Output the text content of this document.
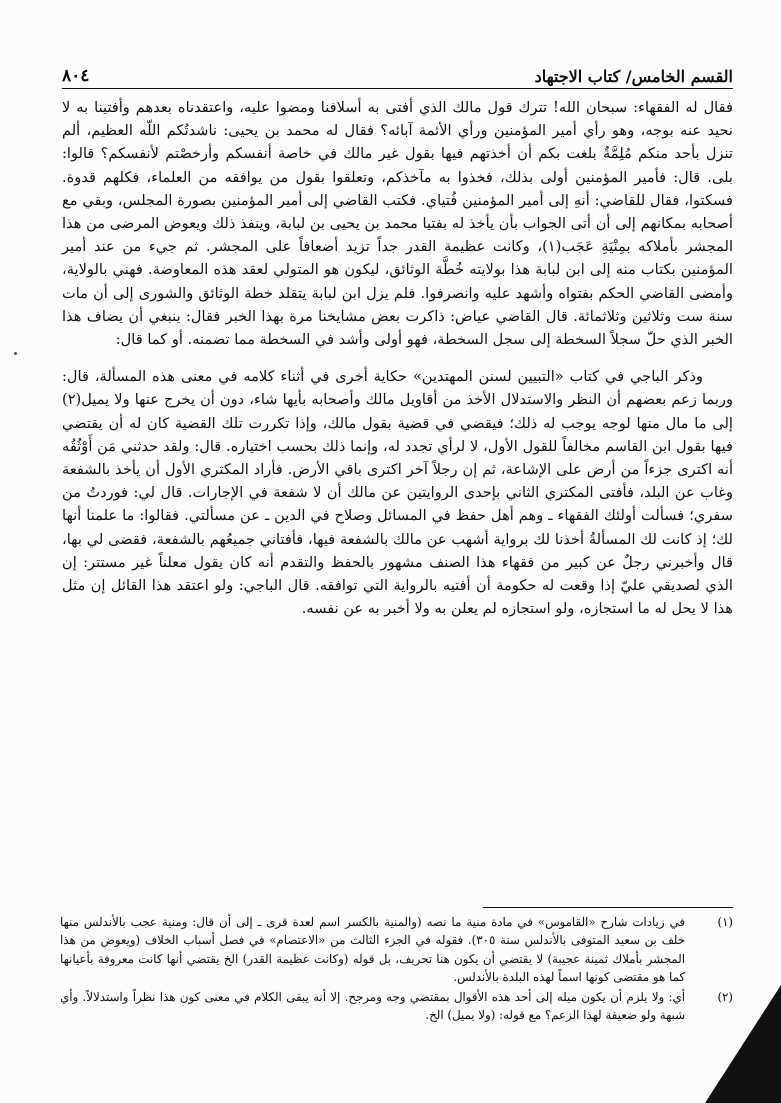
القسم الخامس/ كتاب الاجتهاد
٨٠٤

فقال له الفقهاء: سبحان الله! تترك قول مالك الذي أفتى به أسلافنا ومضوا عليه، واعتقدناه بعدهم وأفتينا به لا نحيد عنه بوجه، وهو رأي أمير المؤمنين ورأي الأئمة آبائه؟ فقال له محمد بن يحيى: ناشدتُكم اللّه العظيم، ألم تنزل بأحد منكم مُلِمَّةٌ بلغت بكم أن أخذتهم فيها بقول غير مالك في خاصة أنفسكم وأرخصْتم لأنفسكم؟ قالوا: بلى. قال: فأمير المؤمنين أولى بذلك، فخذوا به مآخذكم، وتعلقوا بقول من يوافقه من العلماء، فكلهم قدوة. فسكتوا، فقال للقاضي: أنهِ إلى أمير المؤمنين فُتياي. فكتب القاضي إلى أمير المؤمنين بصورة المجلس، وبقي مع أصحابه بمكانهم إلى أن أتى الجواب بأن يأخذ له بفتيا محمد بن يحيى بن لبابة، وينفذ ذلك ويعوض المرضى من هذا المجشر بأملاكه بمِنْيَةِ عَجَب(١)، وكانت عظيمة القدر جداً تزيد أضعافاً على المجشر. ثم جيء من عند أمير المؤمنين بكتاب منه إلى ابن لبابة هذا بولايته خُطَّة الوثائق، ليكون هو المتولي لعقد هذه المعاوضة. فهني بالولاية، وأمضى القاضي الحكم بفتواه وأشهد عليه وانصرفوا. فلم يزل ابن لبابة يتقلد خطة الوثائق والشورى إلى أن مات سنة ست وثلاثين وثلاثمائة. قال القاضي عياض: ذاكرت بعض مشايخنا مرة بهذا الخبر فقال: ينبغي أن يضاف هذا الخبر الذي حلّ سجلاً السخطة إلى سجل السخطة، فهو أولى وأشد في السخطة مما تضمنه. أو كما قال:

وذكر الباجي في كتاب «التبيين لسنن المهتدين» حكاية أخرى في أثناء كلامه في معنى هذه المسألة، قال: وربما زعم بعضهم أن النظر والاستدلال الأخذ من أقاويل مالك وأصحابه بأيها شاء، دون أن يخرج عنها ولا يميل(٢) إلى ما مال منها لوجه يوجب له ذلك؛ فيقضي في قضية بقول مالك، وإذا تكررت تلك القضية كان له أن يقتضي فيها بقول ابن القاسم مخالفاً للقول الأول، لا لرأي تجدد له، وإنما ذلك بحسب اختياره. قال: ولقد حدثني مَن أَوْثُقُه أنه اكترى جزءاً من أرض على الإشاعة، ثم إن رجلاً آخر اكترى باقي الأرض. فأراد المكتري الأول أن يأخذ بالشفعة وغاب عن البلد، فأفتى المكتري الثاني بإحدى الروايتين عن مالك أن لا شفعة في الإجارات. قال لي: فوردتُ من سفري؛ فسألت أولئك الفقهاء ـ وهم أهل حفظ في المسائل وصلاح في الدين ـ عن مسألتي. فقالوا: ما علمنا أنها لك؛ إذ كانت لك المسألةُ أخذنا لك برواية أشهب عن مالك بالشفعة فيها، فأفتاني جميعُهم بالشفعة، فقضى لي بها، قال وأخبرني رجلٌ عن كبير من فقهاء هذا الصنف مشهور بالحفظ والتقدم أنه كان يقول معلناً غير مستتر: إن الذي لصديقي عليّ إذا وقعت له حكومة أن أفتيه بالرواية التي توافقه. قال الباجي: ولو اعتقد هذا القائل إن مثل هذا لا يحل له ما استجازه، ولو استجازه لم يعلن به ولا أخبر به عن نفسه.

(١)
في زيادات شارح «القاموس» في مادة منية ما نصه (والمنية بالكسر اسم لعدة قرى ـ إلى أن قال: ومنية عجب بالأندلس منها خلف بن سعيد المتوفى بالأندلس سنة ٣٠٥). فقوله في الجزء الثالث من «الاعتصام» في فصل أسباب الخلاف (ويعوض من هذا المجشر بأملاك ثمينة عجيبة) لا يقتضي أن يكون هنا تحريف، بل قوله (وكانت عظيمة القدر) الخ يقتضي أنها كانت معروفة بأعيانها كما هو مقتضى كونها اسماً لهذه البلدة بالأندلس.
(٢)
أي: ولا يلزم أن يكون ميله إلى أحد هذه الأقوال بمقتضي وجه ومرجح. إلا أنه يبقى الكلام في معنى كون هذا نظراً واستدلالاً. وأي شبهة ولو ضعيفة لهذا الزعم؟ مع قوله: (ولا يميل) الخ.
